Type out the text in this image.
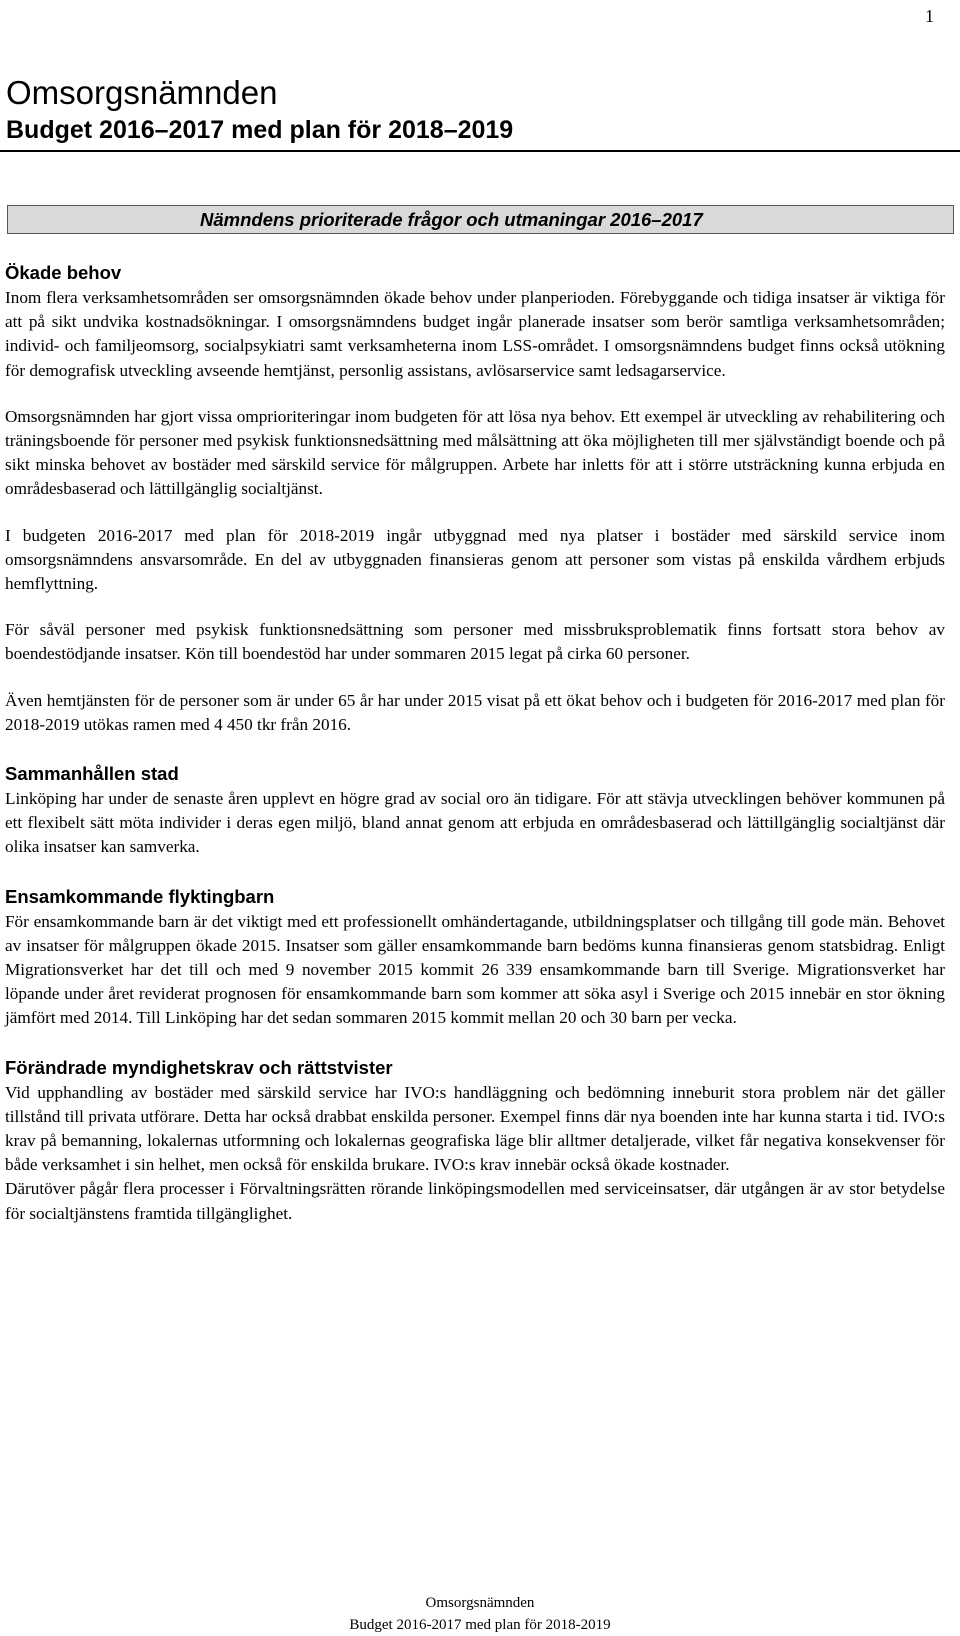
1
Omsorgsnämnden
Budget 2016–2017 med plan för 2018–2019
Nämndens prioriterade frågor och utmaningar 2016–2017
Ökade behov

Inom flera verksamhetsområden ser omsorgsnämnden ökade behov under planperioden. Förebyggande och tidiga insatser är viktiga för att på sikt undvika kostnadsökningar. I omsorgsnämndens budget ingår planerade insatser som berör samtliga verksamhetsområden; individ- och familjeomsorg, socialpsykiatri samt verksamheterna inom LSS-området. I omsorgsnämndens budget finns också utökning för demografisk utveckling avseende hemtjänst, personlig assistans, avlösarservice samt ledsagarservice.

Omsorgsnämnden har gjort vissa omprioriteringar inom budgeten för att lösa nya behov. Ett exempel är utveckling av rehabilitering och träningsboende för personer med psykisk funktionsnedsättning med målsättning att öka möjligheten till mer självständigt boende och på sikt minska behovet av bostäder med särskild service för målgruppen. Arbete har inletts för att i större utsträckning kunna erbjuda en områdesbaserad och lättillgänglig socialtjänst.

I budgeten 2016-2017 med plan för 2018-2019 ingår utbyggnad med nya platser i bostäder med särskild service inom omsorgsnämndens ansvarsområde. En del av utbyggnaden finansieras genom att personer som vistas på enskilda vårdhem erbjuds hemflyttning.

För såväl personer med psykisk funktionsnedsättning som personer med missbruksproblematik finns fortsatt stora behov av boendestödjande insatser. Kön till boendestöd har under sommaren 2015 legat på cirka 60 personer.

Även hemtjänsten för de personer som är under 65 år har under 2015 visat på ett ökat behov och i budgeten för 2016-2017 med plan för 2018-2019 utökas ramen med 4 450 tkr från 2016.

Sammanhållen stad

Linköping har under de senaste åren upplevt en högre grad av social oro än tidigare. För att stävja utvecklingen behöver kommunen på ett flexibelt sätt möta individer i deras egen miljö, bland annat genom att erbjuda en områdesbaserad och lättillgänglig socialtjänst där olika insatser kan samverka.

Ensamkommande flyktingbarn

För ensamkommande barn är det viktigt med ett professionellt omhändertagande, utbildningsplatser och tillgång till gode män. Behovet av insatser för målgruppen ökade 2015. Insatser som gäller ensamkommande barn bedöms kunna finansieras genom statsbidrag. Enligt Migrationsverket har det till och med 9 november 2015 kommit 26 339 ensamkommande barn till Sverige. Migrationsverket har löpande under året reviderat prognosen för ensamkommande barn som kommer att söka asyl i Sverige och 2015 innebär en stor ökning jämfört med 2014. Till Linköping har det sedan sommaren 2015 kommit mellan 20 och 30 barn per vecka.

Förändrade myndighetskrav och rättstvister

Vid upphandling av bostäder med särskild service har IVO:s handläggning och bedömning inneburit stora problem när det gäller tillstånd till privata utförare. Detta har också drabbat enskilda personer. Exempel finns där nya boenden inte har kunna starta i tid. IVO:s krav på bemanning, lokalernas utformning och lokalernas geografiska läge blir alltmer detaljerade, vilket får negativa konsekvenser för både verksamhet i sin helhet, men också för enskilda brukare. IVO:s krav innebär också ökade kostnader.

Därutöver pågår flera processer i Förvaltningsrätten rörande linköpingsmodellen med serviceinsatser, där utgången är av stor betydelse för socialtjänstens framtida tillgänglighet.

Omsorgsnämnden
Budget 2016-2017 med plan för 2018-2019
